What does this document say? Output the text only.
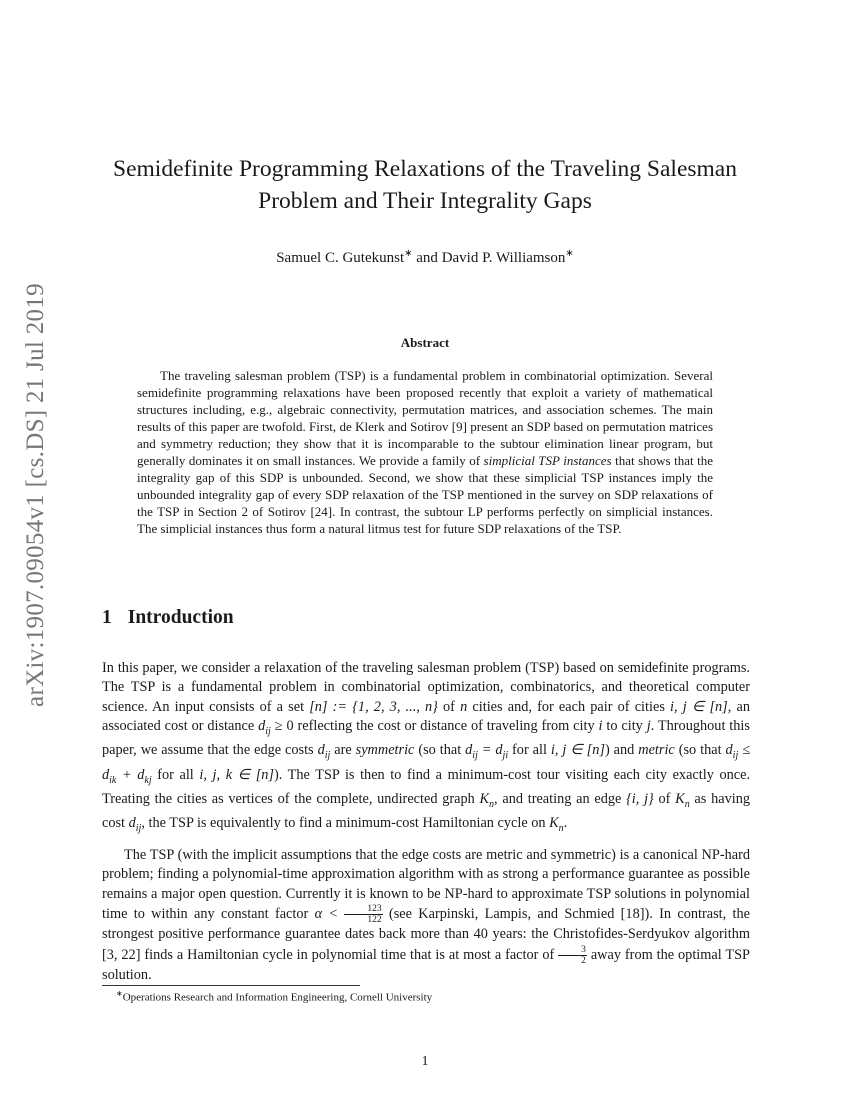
arXiv:1907.09054v1 [cs.DS] 21 Jul 2019
Semidefinite Programming Relaxations of the Traveling Salesman
Problem and Their Integrality Gaps
Samuel C. Gutekunst∗ and David P. Williamson∗
Abstract

The traveling salesman problem (TSP) is a fundamental problem in combinatorial optimization. Several semidefinite programming relaxations have been proposed recently that exploit a variety of mathematical structures including, e.g., algebraic connectivity, permutation matrices, and association schemes. The main results of this paper are twofold. First, de Klerk and Sotirov [9] present an SDP based on permutation matrices and symmetry reduction; they show that it is incomparable to the subtour elimination linear program, but generally dominates it on small instances. We provide a family of simplicial TSP instances that shows that the integrality gap of this SDP is unbounded. Second, we show that these simplicial TSP instances imply the unbounded integrality gap of every SDP relaxation of the TSP mentioned in the survey on SDP relaxations of the TSP in Section 2 of Sotirov [24]. In contrast, the subtour LP performs perfectly on simplicial instances. The simplicial instances thus form a natural litmus test for future SDP relaxations of the TSP.

1 Introduction

In this paper, we consider a relaxation of the traveling salesman problem (TSP) based on semidefinite programs. The TSP is a fundamental problem in combinatorial optimization, combinatorics, and theoretical computer science. An input consists of a set [n] := {1, 2, 3, ..., n} of n cities and, for each pair of cities i, j ∈ [n], an associated cost or distance $d_{ij} \ge 0$ reflecting the cost or distance of traveling from city i to city j. Throughout this paper, we assume that the edge costs $d_{ij}$ are symmetric (so that $d_{ij} = d_{ji}$ for all i, j ∈ [n]) and metric (so that $d_{ij} \le d_{ik} + d_{kj}$ for all i, j, k ∈ [n]). The TSP is then to find a minimum-cost tour visiting each city exactly once. Treating the cities as vertices of the complete, undirected graph $K_n$, and treating an edge {i, j} of $K_n$ as having cost $d_{ij}$, the TSP is equivalently to find a minimum-cost Hamiltonian cycle on $K_n$.

The TSP (with the implicit assumptions that the edge costs are metric and symmetric) is a canonical NP-hard problem; finding a polynomial-time approximation algorithm with as strong a performance guarantee as possible remains a major open question. Currently it is known to be NP-hard to approximate TSP solutions in polynomial time to within any constant factor $\alpha < \frac{123}{122} (see$ Karpinski, Lampis, and Schmied [18]). In contrast, the strongest positive performance guarantee dates back more than 40 years: the Christofides-Serdyukov algorithm [3, 22] finds a Hamiltonian cycle in polynomial time that is at most a factor of $\frac{3}{2}$ away from the optimal TSP solution.

∗Operations Research and Information Engineering, Cornell University
1
